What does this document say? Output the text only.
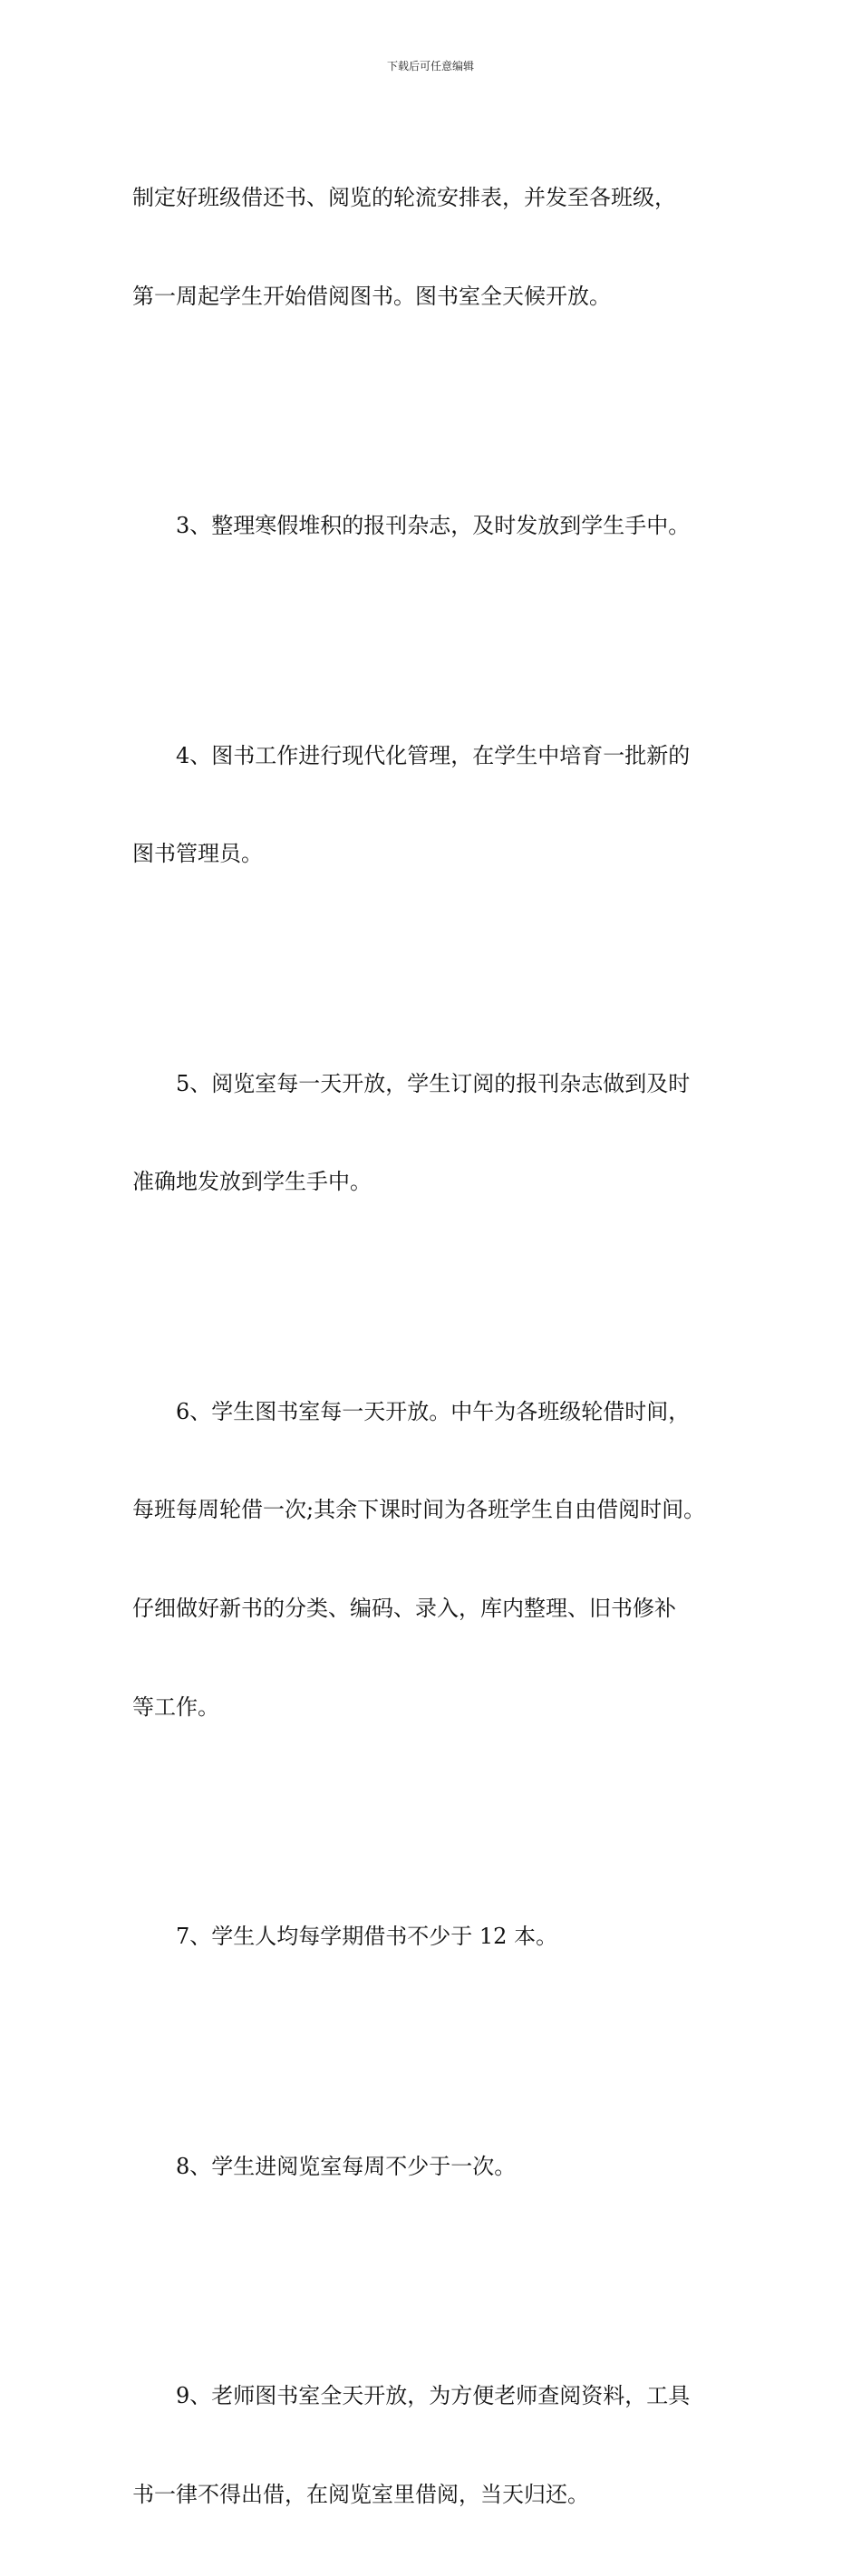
下载后可任意编辑

制定好班级借还书、阅览的轮流安排表，并发至各班级，

第一周起学生开始借阅图书。图书室全天候开放。

3、整理寒假堆积的报刊杂志，及时发放到学生手中。

4、图书工作进行现代化管理，在学生中培育一批新的

图书管理员。

5、阅览室每一天开放，学生订阅的报刊杂志做到及时

准确地发放到学生手中。

6、学生图书室每一天开放。中午为各班级轮借时间，

每班每周轮借一次;其余下课时间为各班学生自由借阅时间。

仔细做好新书的分类、编码、录入，库内整理、旧书修补

等工作。

7、学生人均每学期借书不少于 12 本。

8、学生进阅览室每周不少于一次。

9、老师图书室全天开放，为方便老师查阅资料，工具

书一律不得出借，在阅览室里借阅，当天归还。
